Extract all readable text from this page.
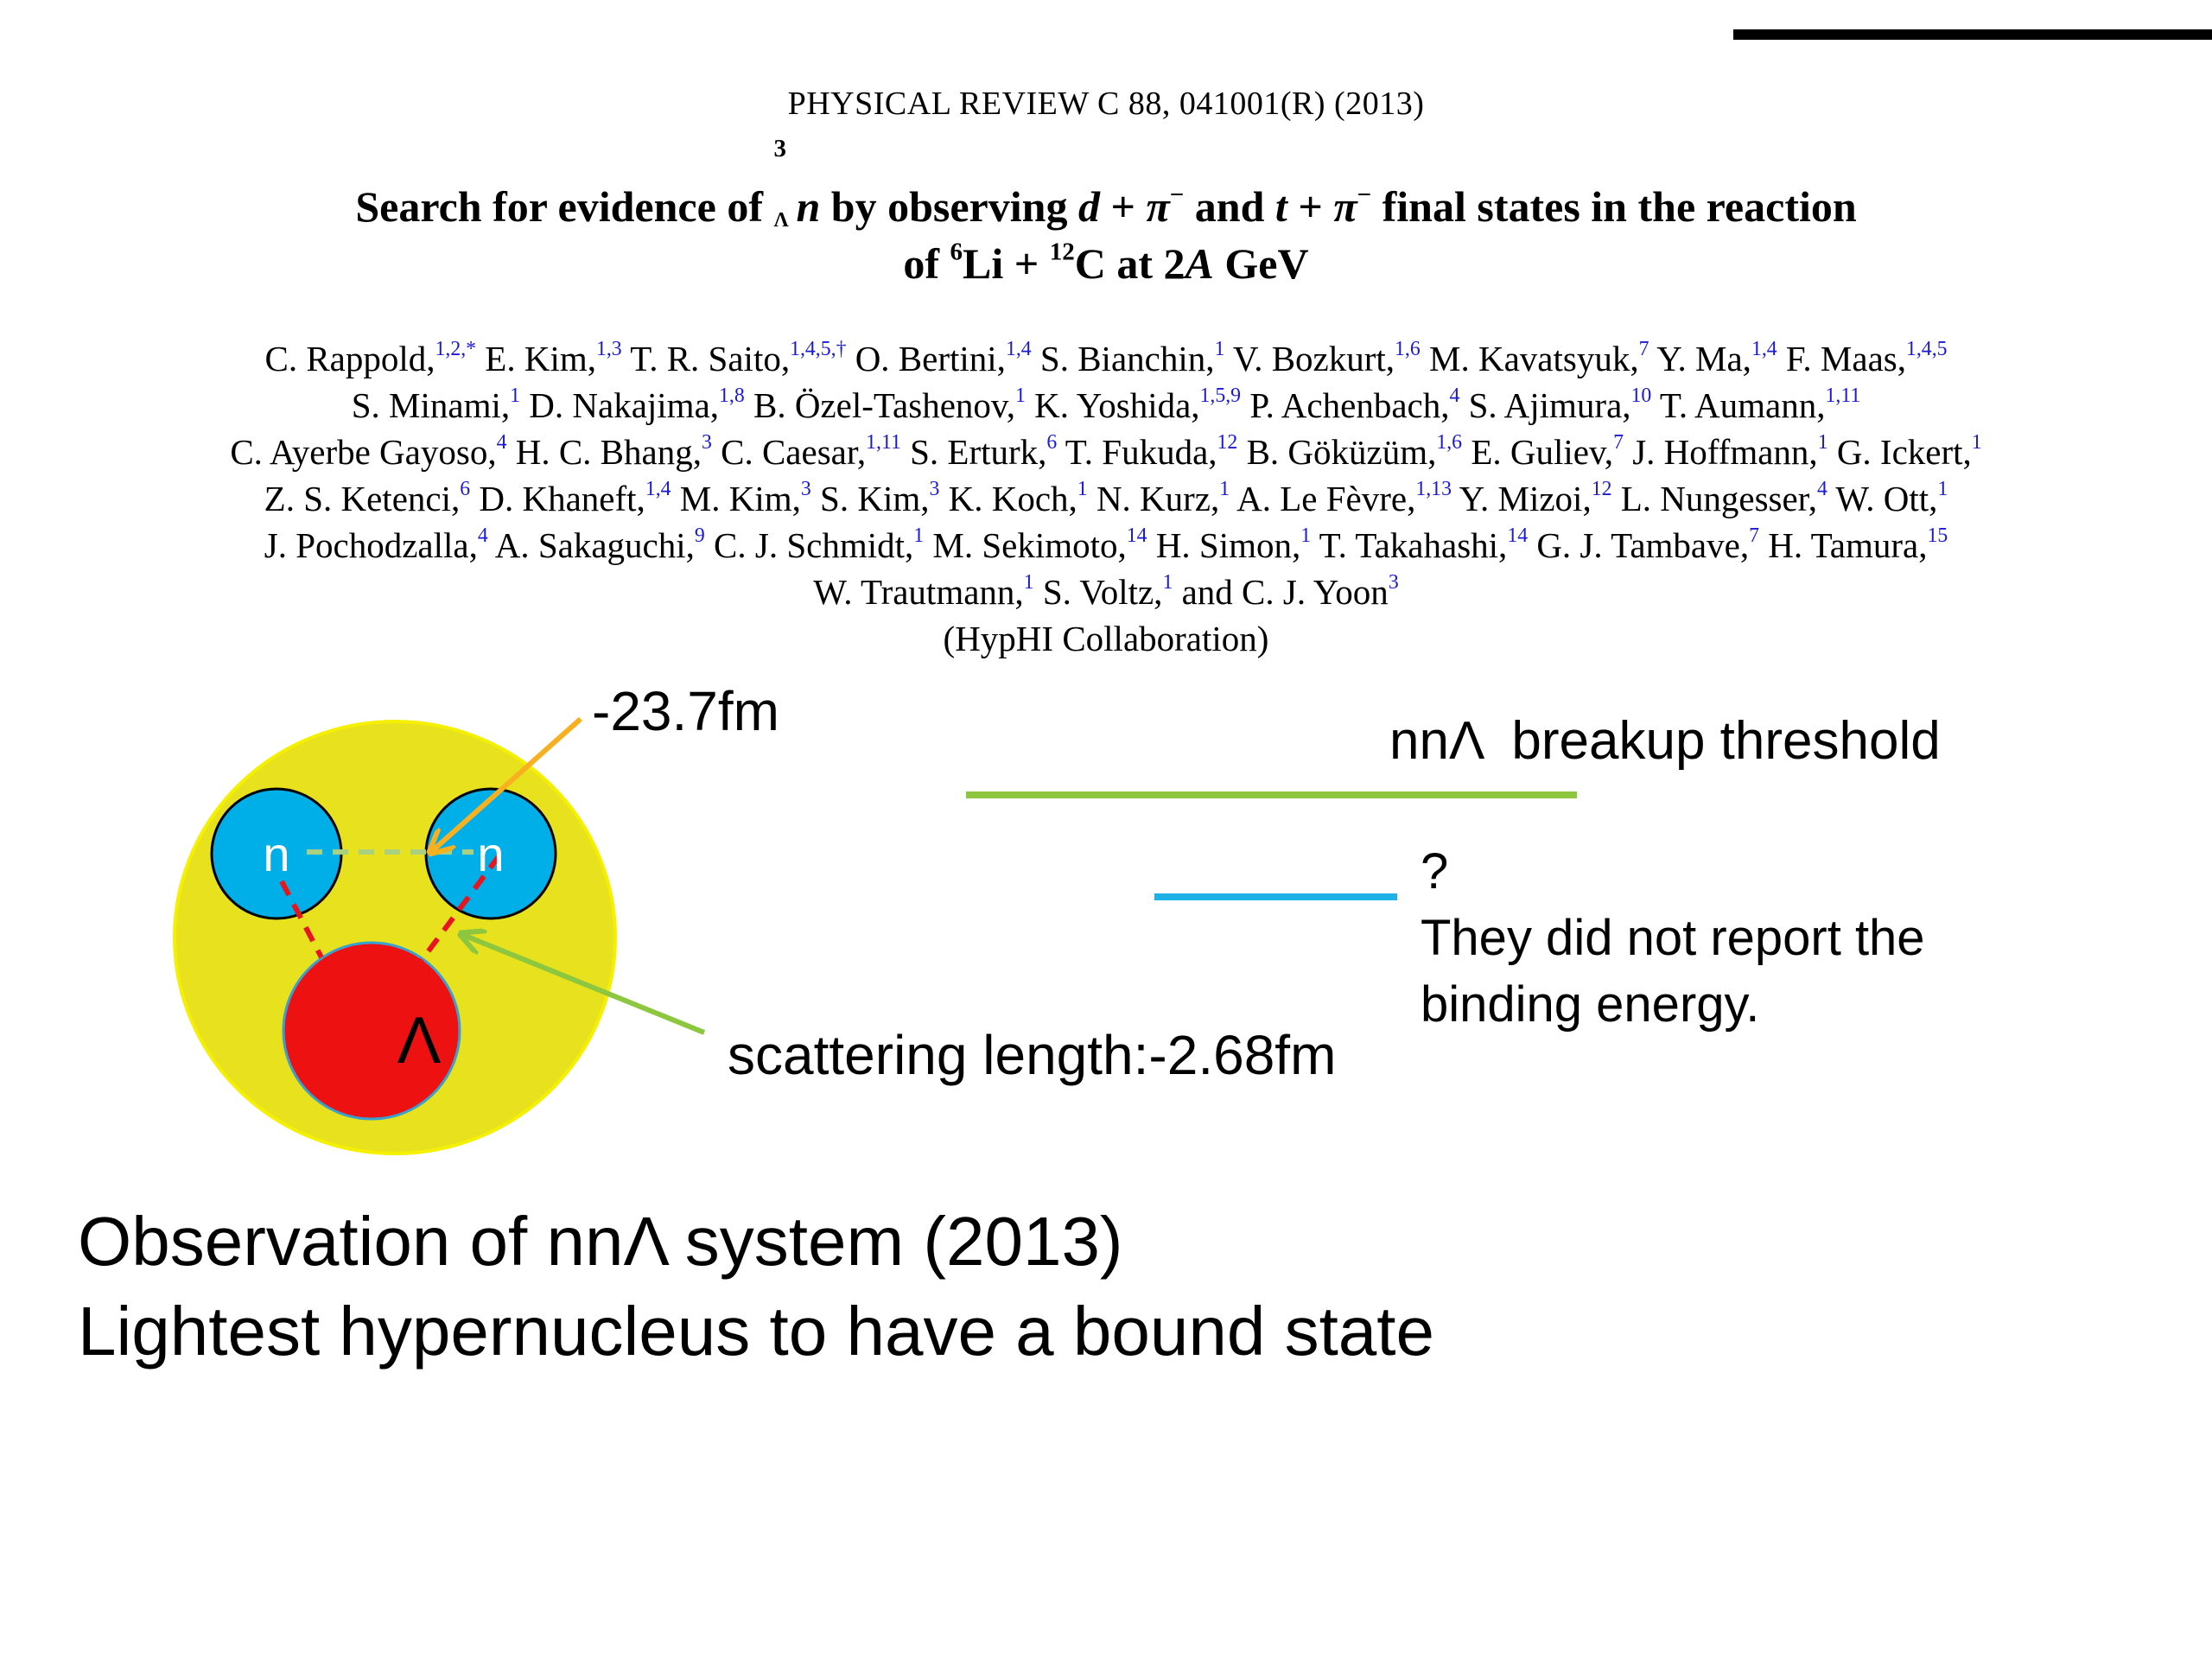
PHYSICAL REVIEW C 88, 041001(R) (2013)
Search for evidence of
3
Λ n by observing d + π− and t + π− final states in the reaction
of $^6$Li + $^{12}$C at 2A GeV
C. Rappold,$^{1,2,*}$ E. Kim,$^{1,3}$ T. R. Saito,$^{1,4,5,\dagger}$ O. Bertini,$^{1,4}$ S. Bianchin,$^1$ V. Bozkurt,$^{1,6}$ M. Kavatsyuk,$^7$ Y. Ma,$^{1,4}$ F. Maas,$^{1,4,5}$
S. Minami,$^1$ D. Nakajima,$^{1,8}$ B. Özel-Tashenov,$^1$ K. Yoshida,$^{1,5,9}$ P. Achenbach,$^4$ S. Ajimura,$^{10}$ T. Aumann,$^{1,11}$
C. Ayerbe Gayoso,$^4$ H. C. Bhang,$^3$ C. Caesar,$^{1,11}$ S. Erturk,$^6$ T. Fukuda,$^{12}$ B. Göküzüm,$^{1,6}$ E. Guliev,$^7$ J. Hoffmann,$^1$ G. Ickert,$^1$
Z. S. Ketenci,$^6$ D. Khaneft,$^{1,4}$ M. Kim,$^3$ S. Kim,$^3$ K. Koch,$^1$ N. Kurz,$^1$ A. Le Fèvre,$^{1,13}$ Y. Mizoi,$^{12}$ L. Nungesser,$^4$ W. Ott,$^1$
J. Pochodzalla,$^4$ A. Sakaguchi,$^9$ C. J. Schmidt,$^1$ M. Sekimoto,$^{14}$ H. Simon,$^1$ T. Takahashi,$^{14}$ G. J. Tambave,$^7$ H. Tamura,$^{15}$
W. Trautmann,$^1$ S. Voltz,$^1$ and C. J. Yoon$^3$
(HypHI Collaboration)
n	n
Λ
-23.7fm
scattering length:-2.68fm
nnΛ  breakup threshold
?
They did not report the
binding energy.
Observation of nnΛ system (2013)
Lightest hypernucleus to have a bound state
